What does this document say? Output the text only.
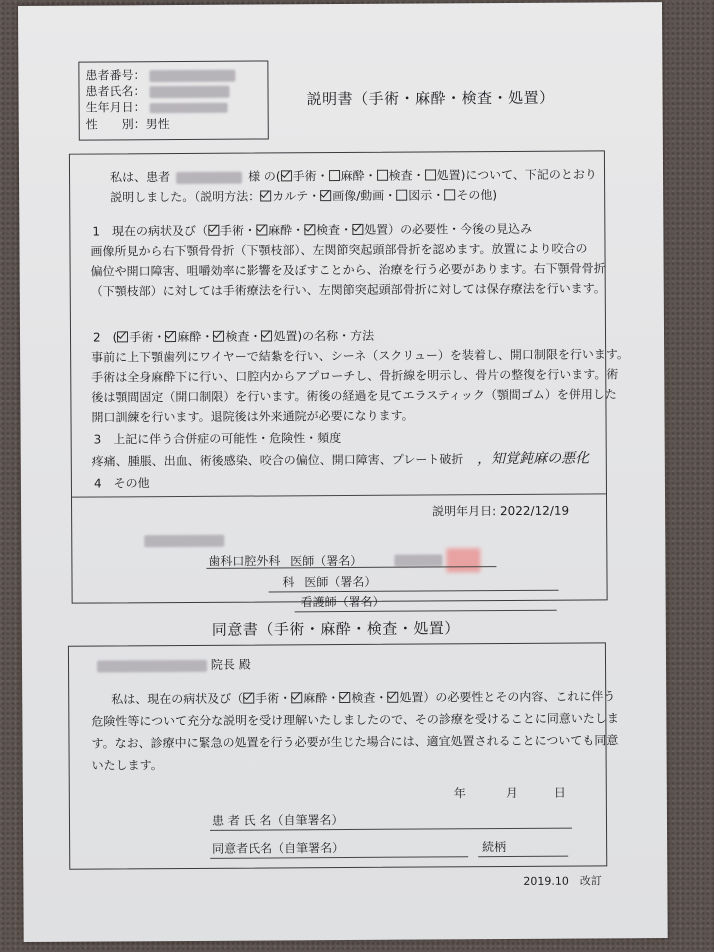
患者番号：
患者氏名：
生年月日：
性　　別：男性
説明書（手術・麻酔・検査・処置）
私は、患者	様 の( 手術・ 麻酔・ 検査・ 処置)について、下記のとおり
説明しました。（説明方法： カルテ・ 画像/動画・ 図示・ その他)
1　現在の病状及び（ 手術・ 麻酔・ 検査・ 処置）の必要性・今後の見込み
画像所見から右下顎骨骨折（下顎枝部）、左関節突起頭部骨折を認めます。放置により咬合の
偏位や開口障害、咀嚼効率に影響を及ぼすことから、治療を行う必要があります。右下顎骨骨折
（下顎枝部）に対しては手術療法を行い、左関節突起頭部骨折に対しては保存療法を行います。
2　( 手術・ 麻酔・ 検査・ 処置)の名称・方法
事前に上下顎歯列にワイヤーで結紮を行い、シーネ（スクリュー）を装着し、開口制限を行います。
手術は全身麻酔下に行い、口腔内からアプローチし、骨折線を明示し、骨片の整復を行います。術
後は顎間固定（開口制限）を行います。術後の経過を見てエラスティック（顎間ゴム）を併用した
開口訓練を行います。退院後は外来通院が必要になります。
3　上記に伴う合併症の可能性・危険性・頻度
疼痛、腫脹、出血、術後感染、咬合の偏位、開口障害、プレート破折 ，知覚鈍麻の悪化
4　その他
説明年月日: 2022/12/19
歯科口腔外科 医師（署名）
科 医師（署名）
看護師（署名）
同意書（手術・麻酔・検査・処置）
院長 殿
私は、現在の病状及び（ 手術・ 麻酔・ 検査・ 処置）の必要性とその内容、これに伴う
危険性等について充分な説明を受け理解いたしましたので、その診療を受けることに同意いたしま
す。なお、診療中に緊急の処置を行う必要が生じた場合には、適宜処置されることについても同意
いたします。
年	月	日
患 者 氏 名（自筆署名）
同意者氏名（自筆署名）	続柄
2019.10　改訂
